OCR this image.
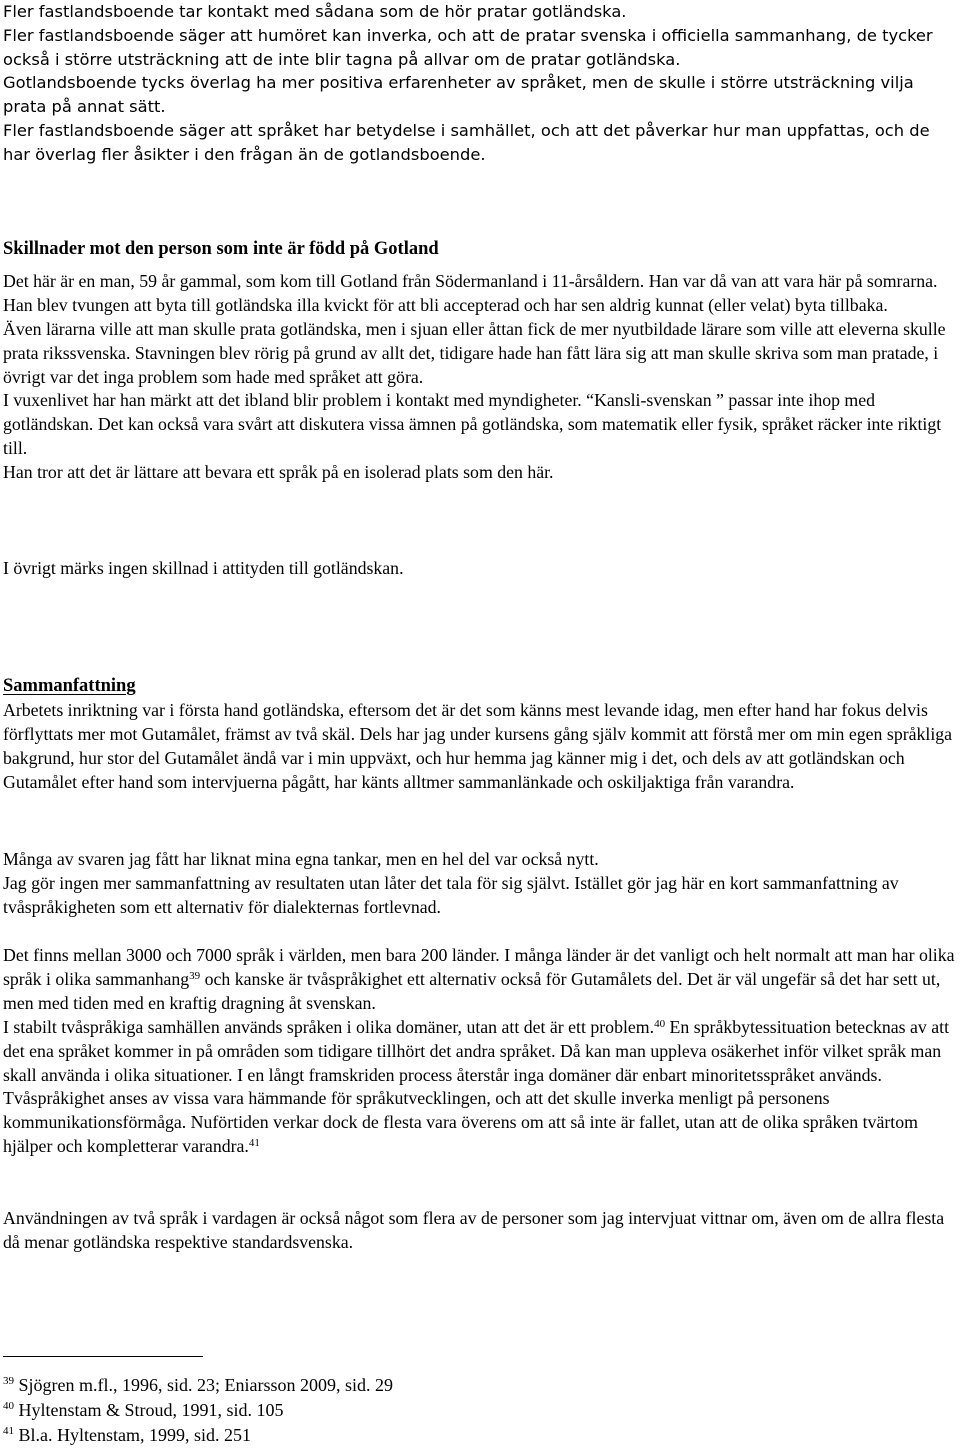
Fler fastlandsboende tar kontakt med sådana som de hör pratar gotländska.

Fler fastlandsboende säger att humöret kan inverka, och att de pratar svenska i officiella sammanhang, de tycker också i större utsträckning att de inte blir tagna på allvar om de pratar gotländska.

Gotlandsboende tycks överlag ha mer positiva erfarenheter av språket, men de skulle i större utsträckning vilja prata på annat sätt.

Fler fastlandsboende säger att språket har betydelse i samhället, och att det påverkar hur man uppfattas, och de har överlag fler åsikter i den frågan än de gotlandsboende.

Skillnader mot den person som inte är född på Gotland

Det här är en man, 59 år gammal, som kom till Gotland från Södermanland i 11-årsåldern. Han var då van att vara här på somrarna.

Han blev tvungen att byta till gotländska illa kvickt för att bli accepterad och har sen aldrig kunnat (eller velat) byta tillbaka.

Även lärarna ville att man skulle prata gotländska, men i sjuan eller åttan fick de mer nyutbildade lärare som ville att eleverna skulle prata rikssvenska. Stavningen blev rörig på grund av allt det, tidigare hade han fått lära sig att man skulle skriva som man pratade, i övrigt var det inga problem som hade med språket att göra.

I vuxenlivet har han märkt att det ibland blir problem i kontakt med myndigheter. “Kansli-svenskan ” passar inte ihop med gotländskan. Det kan också vara svårt att diskutera vissa ämnen på gotländska, som matematik eller fysik, språket räcker inte riktigt till.

Han tror att det är lättare att bevara ett språk på en isolerad plats som den här.

I övrigt märks ingen skillnad i attityden till gotländskan.

Sammanfattning

Arbetets inriktning var i första hand gotländska, eftersom det är det som känns mest levande idag, men efter hand har fokus delvis förflyttats mer mot Gutamålet, främst av två skäl. Dels har jag under kursens gång själv kommit att förstå mer om min egen språkliga bakgrund, hur stor del Gutamålet ändå var i min uppväxt, och hur hemma jag känner mig i det, och dels av att gotländskan och Gutamålet efter hand som intervjuerna pågått, har känts alltmer sammanlänkade och oskiljaktiga från varandra.

Många av svaren jag fått har liknat mina egna tankar, men en hel del var också nytt.

Jag gör ingen mer sammanfattning av resultaten utan låter det tala för sig självt. Istället gör jag här en kort sammanfattning av tvåspråkigheten som ett alternativ för dialekternas fortlevnad.

Det finns mellan 3000 och 7000 språk i världen, men bara 200 länder. I många länder är det vanligt och helt normalt att man har olika språk i olika sammanhang$^{39}$ och kanske är tvåspråkighet ett alternativ också för Gutamålets del. Det är väl ungefär så det har sett ut, men med tiden med en kraftig dragning åt svenskan.

I stabilt tvåspråkiga samhällen används språken i olika domäner, utan att det är ett problem.$^{40}$ En språkbytessituation betecknas av att det ena språket kommer in på områden som tidigare tillhört det andra språket. Då kan man uppleva osäkerhet inför vilket språk man skall använda i olika situationer. I en långt framskriden process återstår inga domäner där enbart minoritetsspråket används.

Tvåspråkighet anses av vissa vara hämmande för språkutvecklingen, och att det skulle inverka menligt på personens kommunikationsförmåga. Nuförtiden verkar dock de flesta vara överens om att så inte är fallet, utan att de olika språken tvärtom hjälper och kompletterar varandra.$^{41}$

Användningen av två språk i vardagen är också något som flera av de personer som jag intervjuat vittnar om, även om de allra flesta då menar gotländska respektive standardsvenska.

$^{39}$ Sjögren m.fl., 1996, sid. 23; Eniarsson 2009, sid. 29

$^{40}$ Hyltenstam & Stroud, 1991, sid. 105

$^{41}$ Bl.a. Hyltenstam, 1999, sid. 251
